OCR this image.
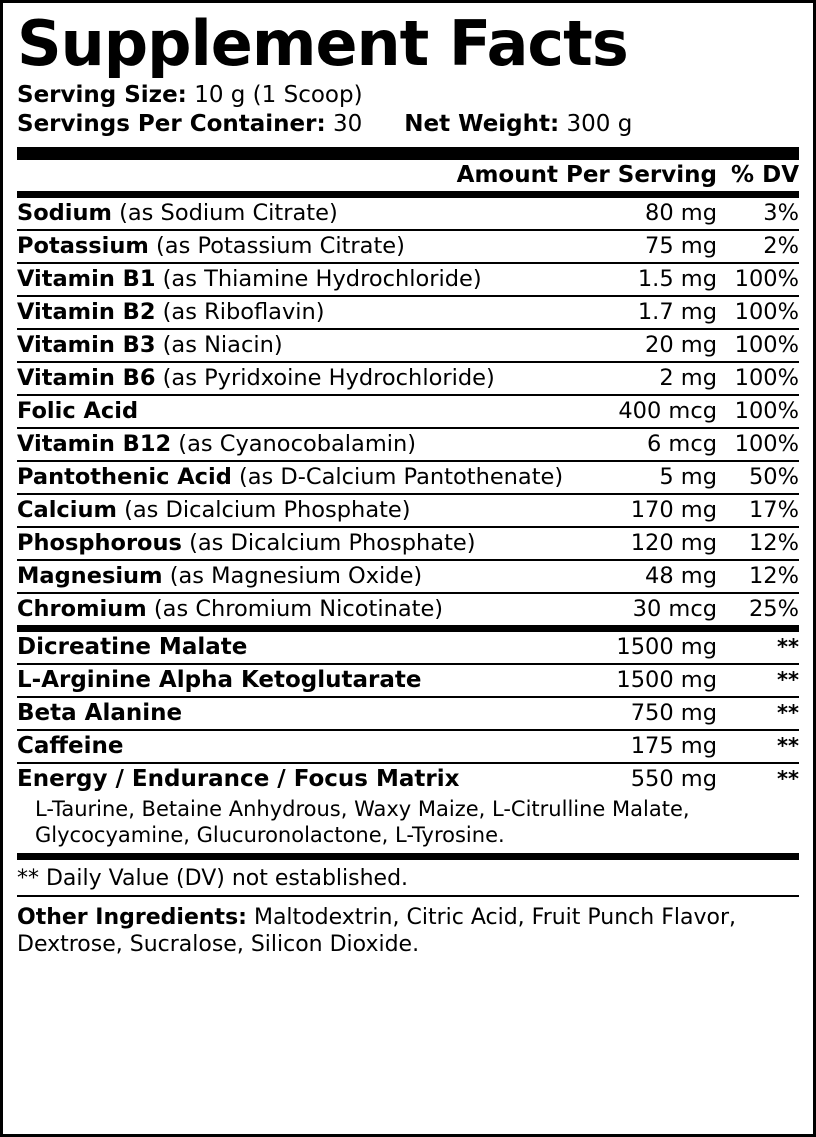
Supplement Facts
Serving Size:
10 g (1 Scoop)
Servings Per Container:
30 Net Weight:
300 g
	Amount Per Serving	% DV
Sodium (as Sodium Citrate)	80 mg	3%
Potassium (as Potassium Citrate)	75 mg	2%
Vitamin B1 (as Thiamine Hydrochloride)	1.5 mg	100%
Vitamin B2 (as Riboflavin)	1.7 mg	100%
Vitamin B3 (as Niacin)	20 mg	100%
Vitamin B6 (as Pyridxoine Hydrochloride)	2 mg	100%
Folic Acid	400 mcg	100%
Vitamin B12 (as Cyanocobalamin)	6 mcg	100%
Pantothenic Acid (as D-Calcium Pantothenate)	5 mg	50%
Calcium (as Dicalcium Phosphate)	170 mg	17%
Phosphorous (as Dicalcium Phosphate)	120 mg	12%
Magnesium (as Magnesium Oxide)	48 mg	12%
Chromium (as Chromium Nicotinate)	30 mcg	25%
Dicreatine Malate	1500 mg	**
L-Arginine Alpha Ketoglutarate	1500 mg	**
Beta Alanine	750 mg	**
Caffeine	175 mg	**
Energy / Endurance / Focus Matrix	550 mg	**
L-Taurine, Betaine Anhydrous, Waxy Maize, L-Citrulline Malate, Glycocyamine, Glucuronolactone, L-Tyrosine.		
** Daily Value (DV) not established.
Other Ingredients: Maltodextrin, Citric Acid, Fruit Punch Flavor, Dextrose, Sucralose, Silicon Dioxide.
